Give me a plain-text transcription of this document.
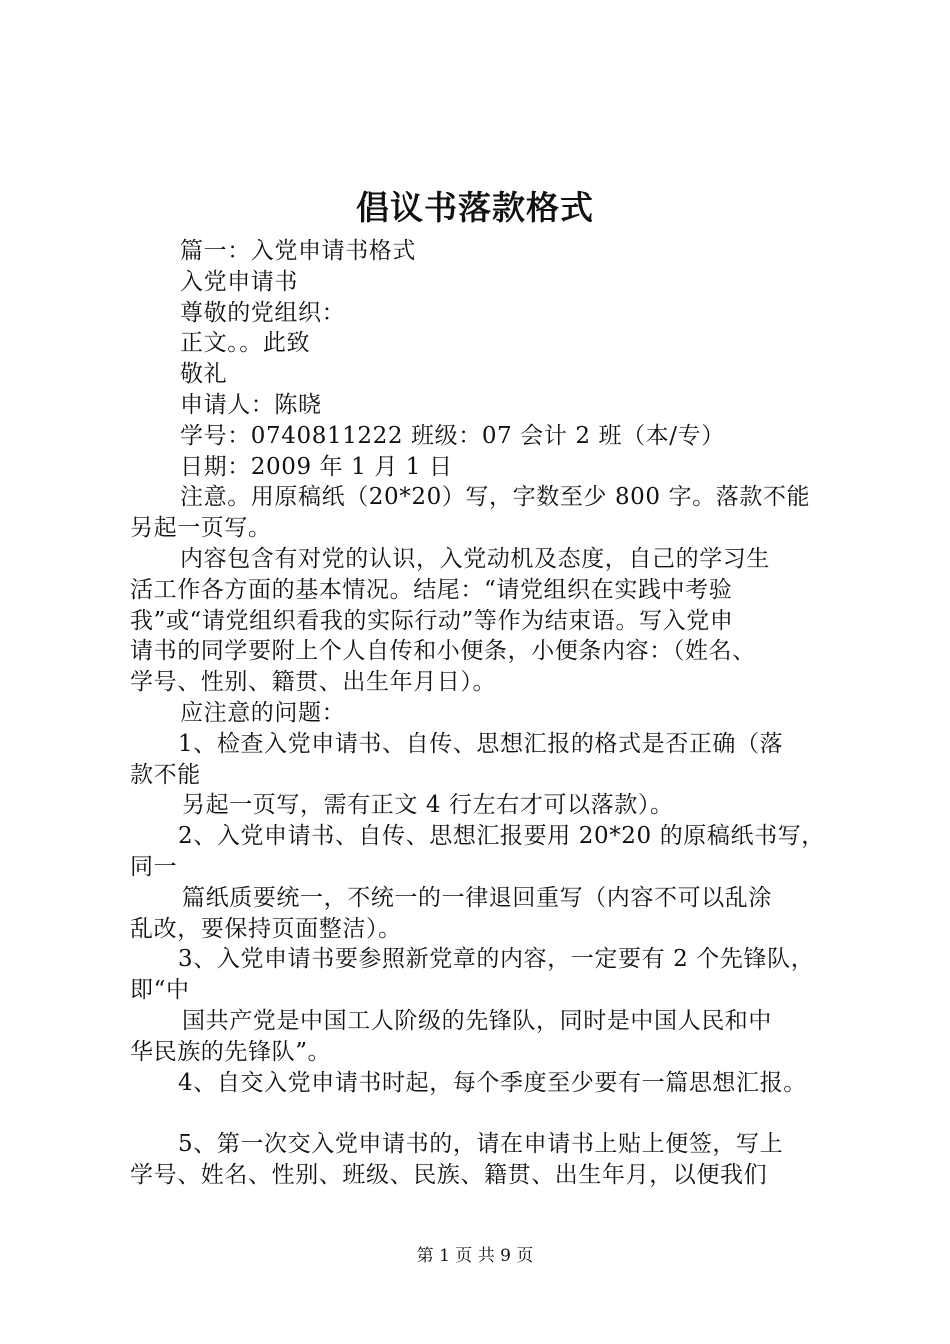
倡议书落款格式
篇一：入党申请书格式
入党申请书
尊敬的党组织：
正文。。此致
敬礼
申请人：陈晓
学号：0740811222 班级：07 会计 2 班（本/专）
日期：2009 年 1 月 1 日
注意。用原稿纸（20*20）写，字数至少 800 字。落款不能
另起一页写。
内容包含有对党的认识，入党动机及态度，自己的学习生
活工作各方面的基本情况。结尾：“请党组织在实践中考验
我”或“请党组织看我的实际行动”等作为结束语。写入党申
请书的同学要附上个人自传和小便条，小便条内容：（姓名、
学号、性别、籍贯、出生年月日）。
应注意的问题：
1、检查入党申请书、自传、思想汇报的格式是否正确（落
款不能
另起一页写，需有正文 4 行左右才可以落款）。
2、入党申请书、自传、思想汇报要用 20*20 的原稿纸书写，
同一
篇纸质要统一，不统一的一律退回重写（内容不可以乱涂
乱改，要保持页面整洁）。
3、入党申请书要参照新党章的内容，一定要有 2 个先锋队，
即“中
国共产党是中国工人阶级的先锋队，同时是中国人民和中
华民族的先锋队”。
4、自交入党申请书时起，每个季度至少要有一篇思想汇报。
5、第一次交入党申请书的，请在申请书上贴上便签，写上
学号、姓名、性别、班级、民族、籍贯、出生年月，以便我们
第 1 页 共 9 页
